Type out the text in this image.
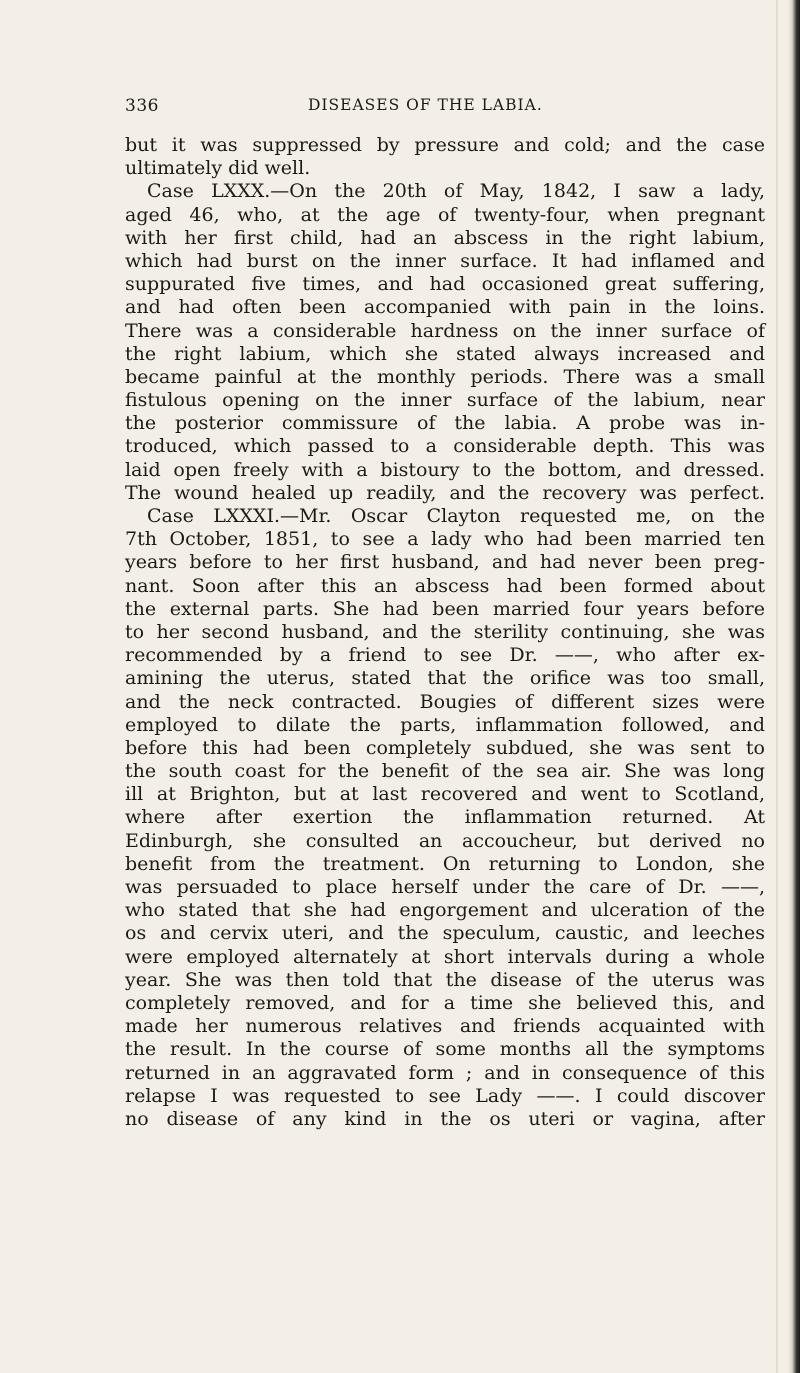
336	DISEASES OF THE LABIA.
but it was suppressed by pressure and cold; and the case
ultimately did well.
Case LXXX.—On the 20th of May, 1842, I saw a lady,
aged 46, who, at the age of twenty-four, when pregnant
with her first child, had an abscess in the right labium,
which had burst on the inner surface. It had inflamed and
suppurated five times, and had occasioned great suffering,
and had often been accompanied with pain in the loins.
There was a considerable hardness on the inner surface of
the right labium, which she stated always increased and
became painful at the monthly periods. There was a small
fistulous opening on the inner surface of the labium, near
the posterior commissure of the labia. A probe was in-
troduced, which passed to a considerable depth. This was
laid open freely with a bistoury to the bottom, and dressed.
The wound healed up readily, and the recovery was perfect.
Case LXXXI.—Mr. Oscar Clayton requested me, on the
7th October, 1851, to see a lady who had been married ten
years before to her first husband, and had never been preg-
nant. Soon after this an abscess had been formed about
the external parts. She had been married four years before
to her second husband, and the sterility continuing, she was
recommended by a friend to see Dr. ——, who after ex-
amining the uterus, stated that the orifice was too small,
and the neck contracted. Bougies of different sizes were
employed to dilate the parts, inflammation followed, and
before this had been completely subdued, she was sent to
the south coast for the benefit of the sea air. She was long
ill at Brighton, but at last recovered and went to Scotland,
where after exertion the inflammation returned. At
Edinburgh, she consulted an accoucheur, but derived no
benefit from the treatment. On returning to London, she
was persuaded to place herself under the care of Dr. ——,
who stated that she had engorgement and ulceration of the
os and cervix uteri, and the speculum, caustic, and leeches
were employed alternately at short intervals during a whole
year. She was then told that the disease of the uterus was
completely removed, and for a time she believed this, and
made her numerous relatives and friends acquainted with
the result. In the course of some months all the symptoms
returned in an aggravated form ; and in consequence of this
relapse I was requested to see Lady ——. I could discover
no disease of any kind in the os uteri or vagina, after
